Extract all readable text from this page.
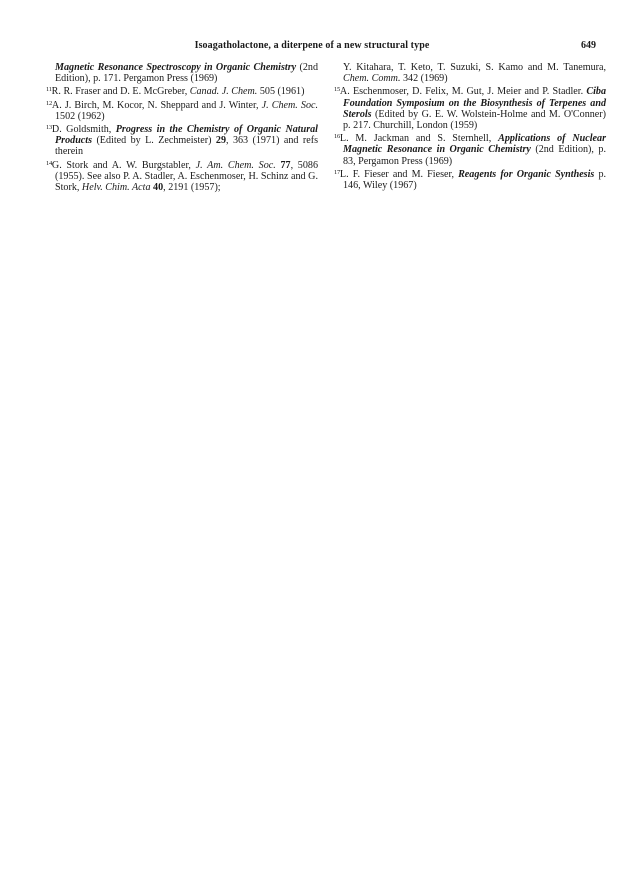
Isoagatholactone, a diterpene of a new structural type	649

Magnetic Resonance Spectroscopy in Organic Chemistry (2nd Edition), p. 171. Pergamon Press (1969)

$^{11}$R. R. Fraser and D. E. McGreber, Canad. J. Chem. 505 (1961)

$^{12}$A. J. Birch, M. Kocor, N. Sheppard and J. Winter, J. Chem. Soc. 1502 (1962)

$^{13}$D. Goldsmith, Progress in the Chemistry of Organic Natural Products (Edited by L. Zechmeister) 29, 363 (1971) and refs therein

$^{14}$G. Stork and A. W. Burgstabler, J. Am. Chem. Soc. 77, 5086 (1955). See also P. A. Stadler, A. Eschenmoser, H. Schinz and G. Stork, Helv. Chim. Acta 40, 2191 (1957);

Y. Kitahara, T. Keto, T. Suzuki, S. Kamo and M. Tanemura, Chem. Comm. 342 (1969)

$^{15}$A. Eschenmoser, D. Felix, M. Gut, J. Meier and P. Stadler. Ciba Foundation Symposium on the Biosynthesis of Terpenes and Sterols (Edited by G. E. W. Wolstein-Holme and M. O'Conner) p. 217. Churchill, London (1959)

$^{16}$L. M. Jackman and S. Sternhell, Applications of Nuclear Magnetic Resonance in Organic Chemistry (2nd Edition), p. 83, Pergamon Press (1969)

$^{17}$L. F. Fieser and M. Fieser, Reagents for Organic Synthesis p. 146, Wiley (1967)
